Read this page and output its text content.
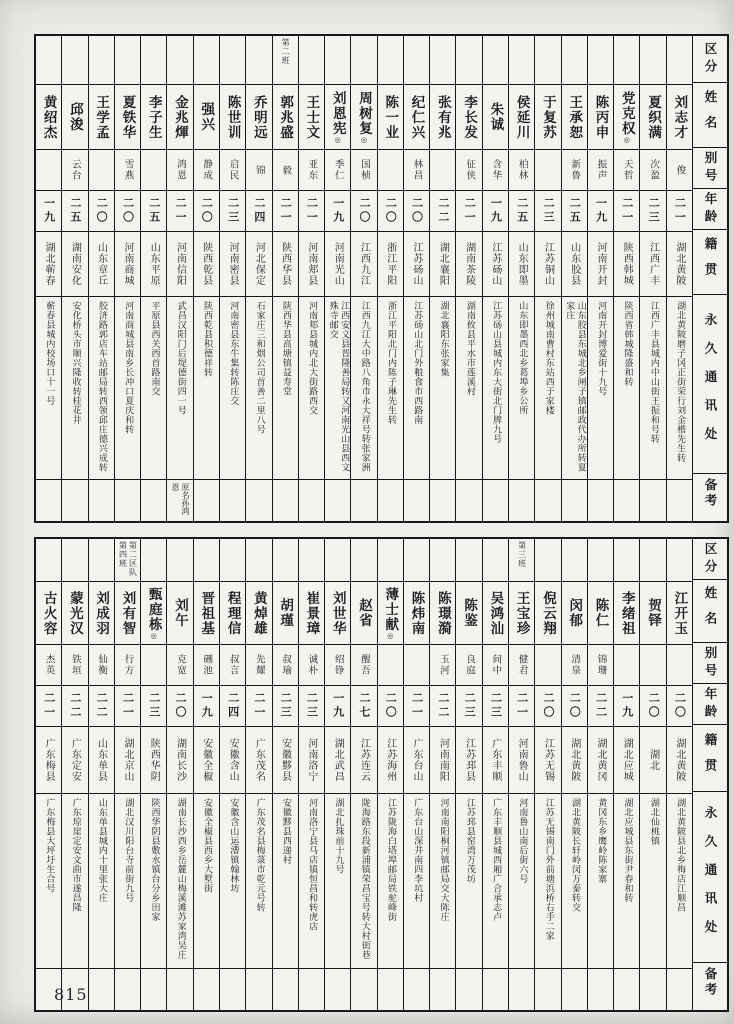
区分
姓名
别号
年龄
籍贯
永久通讯处
备考
刘志才
俊
二一
湖北黄陂
湖北黄陂磨子冈正街荣行刘金楷先生转
夏织满
次盈
二三
江西广丰
江西广丰县城内中山街王振和号转
党克权◎
天哲
二一
陕西韩城
陕西省韩城隆盛和转
陈丙申
振声
一九
河南开封
河南开封博爱街十九号
王承恕
新鲁
二五
山东胶县
山东胶县东城北乡闸子镇邮政代办所转夏家庄
于复苏
二三
江苏铜山
徐州城南曹村东站西于家楼
侯延川
柏林
二五
山东即墨
山东即墨西北乡葛埠乡公所
朱诚
含华
一九
江苏砀山
江苏砀山县城内东大街北门牌九号
李长发
征侠
二一
湖南茶陵
湖南攸县平水市莲溪村
张有兆
二二
湖北襄阳
湖北襄阳东张家集
纪仁兴
林昌
二〇
江苏砀山
江苏砀山北门外粮食市西路南
陈一业
二〇
浙江平阳
浙江平阳北门内陈子琳先生转
周树复◎
国桢
二〇
江西九江
江西九江大中路八角市永大祥号转张家洲
刘恩宪◎
季仁
一九
河南光山
江西安义县晋隆善局转又河南光山县西文殊寺邮交
王士文
亚东
二一
河南郏县
河南郏县城内北大街路西交
第二班
郭兆盛
毅
二一
陕西华县
陕西华县高塘镇益寿堂
乔明远
锦
二四
河北保定
石家庄三和烟公司首善二里八号
陈世训
启民
二三
河南密县
河南密县东牛集转陈庄交
强兴
静成
二〇
陕西乾县
陕西乾县积德祥转
金兆煇
鸿恩
二一
河南信阳
武昌汉阳门后堤德街四一号
原名孙鸿恩
李子生
二五
山东平原
平原县西关西首路南交
夏铁华
雪燕
二〇
河南商城
河南商城县南乡长冲口夏庆和转
王学孟
二〇
山东章丘
胶济路郭店车站邮局转西领邱庄德兴成转
邱浚
云台
二五
湖南安化
安化桥头市顺兴隆收转桂花井
黄绍杰
一九
湖北蕲春
蕲春县城内校场口十一号
区分
姓名
别号
年龄
籍贯
永久通讯处
备考
江开玉
二〇
湖北黄陂
湖北黄陂县北乡梅店江顺昌
贺铎
二〇
湖北
湖北仙桃镇
李绪祖
一九
湖北应城
湖北应城县东街尹春和转
陈仁
锦珊
二二
湖北黄冈
黄冈东乡鹰岭陈家寨
闵郁
清泉
二〇
湖北黄陂
湖北黄陂长轩岭闵万泰转交
倪云翔
二〇
江苏无锡
江苏无锡南门外前塘浜桥右手二家
第三班
王宝珍
健君
二一
河南鲁山
河南鲁山南后街六号
吴鸿汕
间中
二三
广东丰顺
广东丰顺县城西厢广合承志卢
陈鉴
良庭
二三
江苏邳县
江苏邳县窑湾万茂坊
陈璟漪
玉河
二二
河南南阳
河南南阳桐河镇邮局交大陈庄
陈炜南
二一
广东台山
广东台山深井南四李坑村
薄士献◎
二〇
江苏海州
江苏陇海白塔埠邮局铁驼峰街
赵省
醒吾
二七
江苏连云
陇海路东段新浦镇荣昌宝号转大村街巷
刘世华
绍铮
一九
湖北武昌
湖北扎珠前十九号
崔景璋
诚朴
二三
河南洛宁
河南洛宁县马店镇恒昌和转虎店
胡瑾
叔瑜
二三
安徽黟县
安徽黟县西递村
黄焯雄
先耀
二一
广东茂名
广东茂名县梅菉市乾元号转
程理信
叔言
二四
安徽含山
安徽含山运漕镇翰林坊
晋祖基
硎池
一九
安徽全椒
安徽全椒县西乡大墅街
刘午
克宽
二〇
湖南长沙
湖南长沙西乡岳麓山梅溪滩苏家湾吴庄
甄庭栋◎
二三
陕西华阴
陕西华阴县敷水镇台分乡田家
第二区队第四班
刘有智
行方
二一
湖北京山
湖北汉川阳台寺前街九号
刘成羽
仙衡
二二
山东单县
山东单县城内十里张大庄
蒙光汉
铁垣
二二
广东定安
广东琼崖定安文曲市遂昌隆
古火容
杰英
二一
广东梅县
广东梅县大坪圩生合号
815
